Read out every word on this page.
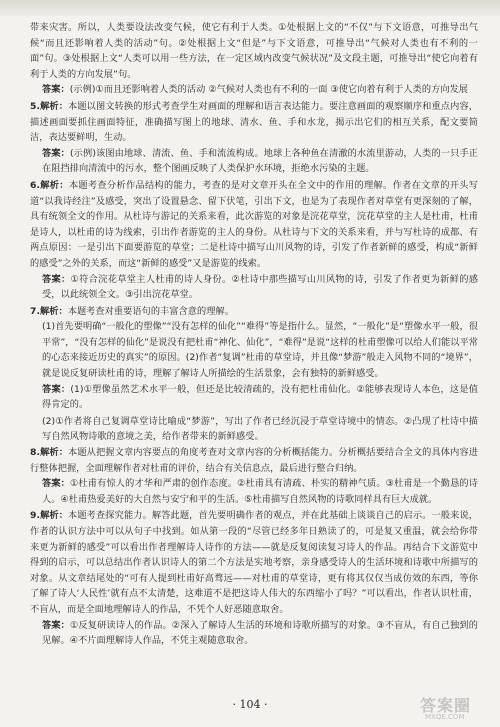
带来灾害。所以，人类要设法改变气候，使它有利于人类。①处根据上文的“不仅”与下文语意，可推导出气候“而且还影响着人类的活动”句。②处根据上文“但是”与下文语意，可推导出“气候对人类也有不利的一面”句。③处根据上文“人类可以用一些方法，在一定区域内改变气候状况”及文段主题，可推导出“使它向着有利于人类的方向发展”句。

答案：(示例)①而且还影响着人类的活动 ②气候对人类也有不利的一面 ③使它向着有利于人类的方向发展

5.解析：本题以图文转换的形式考查学生对画面的理解和语言表达能力。要注意画面的观察顺序和重点内容，描述画面要抓住画面特征，准确描写图上的地球、清水、鱼、手和水龙，揭示出它们的相互关系，配文要简洁，表达要鲜明，生动。

答案：(示例)该图由地球、清流、鱼、手和流流构成。地球上各种鱼在清澈的水流里游动，人类的一只手正在阻挡排向清流中的污水，整个图画反映了人类保护水环境，拒绝水污染的主题。

6.解析：本题考查分析作品结构的能力，考查的是对文章开头在全文中的作用的理解。作者在文章的开头写道“以我诗经注”及感受，突出了设置悬念、留下伏笔，引出下文，也是为了表现作者对草堂有更深刻的了解，具有统领全文的作用。从杜诗与游记的关系来看，此次游览的对象是浣花草堂，浣花草堂的主人是杜甫，杜甫是诗人，以杜甫的诗为线索，引出作者游览的主人的身份。从杜诗与下文的关系来看，并与写杜诗的成都、有两点原因：一是引出下面要游览的草堂；二是杜诗中描写山川风物的诗，引发了作者新鲜的感受，构成“新鲜的感受”之外的关系，而这“新鲜的感受”又是游览的线索。

答案：①符合浣花草堂主人杜甫的诗人身份。②杜诗中那些描写山川风物的诗，引发了作者更为新鲜的感受，以此统领全文。③引出浣花草堂。

7.解析：本题考查对重要语句的丰富含意的理解。

(1)首先要明确“一般化的塑像”“没有怎样的仙化”“难得”等是指什么。显然，“一般化”是“塑像水平一般，很平常”，“没有怎样的仙化”是说没有把杜甫“神化、仙化”，“难得”是说“这样的杜甫塑像可以给人们能以平常的心态来接近历史的真实”的原因。(2)作者“复调”杜甫的草堂诗，并且像“梦游”般走入风物不同的“境界”，就是说反复研读杜甫的诗，理解了解诗人所描绘的生活景象，会有独特的新鲜感受。

答案：(1)①塑像虽然艺术水平一般，但还是比较清疏的，没有把杜甫仙化。②能够表现诗人本色，这是值得肯定的。

(2)①作者将自己复调草堂诗比喻成“梦游”，写出了作者已经沉浸于草堂诗境中的情态。②凸现了杜诗中描写自然风物诗歌的意境之美，给作者带来的新鲜感受。

8.解析：本题从把握文章内容要点的角度考查对文章内容的分析概括能力。分析概括要结合全文的具体内容进行整体把握，全面理解作者对杜甫的评价，结合有关信息点，最后进行整合归纳。

答案：①杜甫有惊人的才华和严肃的创作态度。②杜甫具有清疏、朴实的精神气质。③杜甫是一个勤恳的诗人。④杜甫热爱美好的大自然与安宁和平的生活。⑤杜甫描写自然风物的诗歌同样具有巨大成就。

9.解析：本题考查探究能力。解答此题，首先要明确作者的观点，并在此基础上谈谈自己的启示。一般来说，作者的认识方法中可以从句子中找到。如从第一段的“尽管已经多年日熟读了的，可是复又重温，就会给你带来更为新鲜的感受”可以看出作者理解诗人诗作的方法——就是反复阅读复习诗人的作品。再结合下文游览中得到的启示，可以总结出作者认识诗人的第二个方法是实地考察，亲身感受诗人的生活环境和诗歌中所描写的对象。从文章结尾处的“可有人提到杜甫好高骛远——对杜甫的草堂诗，更有将其仅仅当成仿效的东西，等你了解了诗人‘人民性’就有点不太清楚，这难道不是把这诗人伟大的东西缩小了吗？”可以看出，作者认识杜甫，不盲从，而是全面地理解诗人的作品，不凭个人好恶随意取舍。

答案：①反复研读诗人的作品。②深入了解诗人生活的环境和诗歌所描写的对象。③不盲从，有自己独到的见解。④不片面理解诗人作品，不凭主观随意取舍。

· 104 ·	答案圈
MXQE.COM
